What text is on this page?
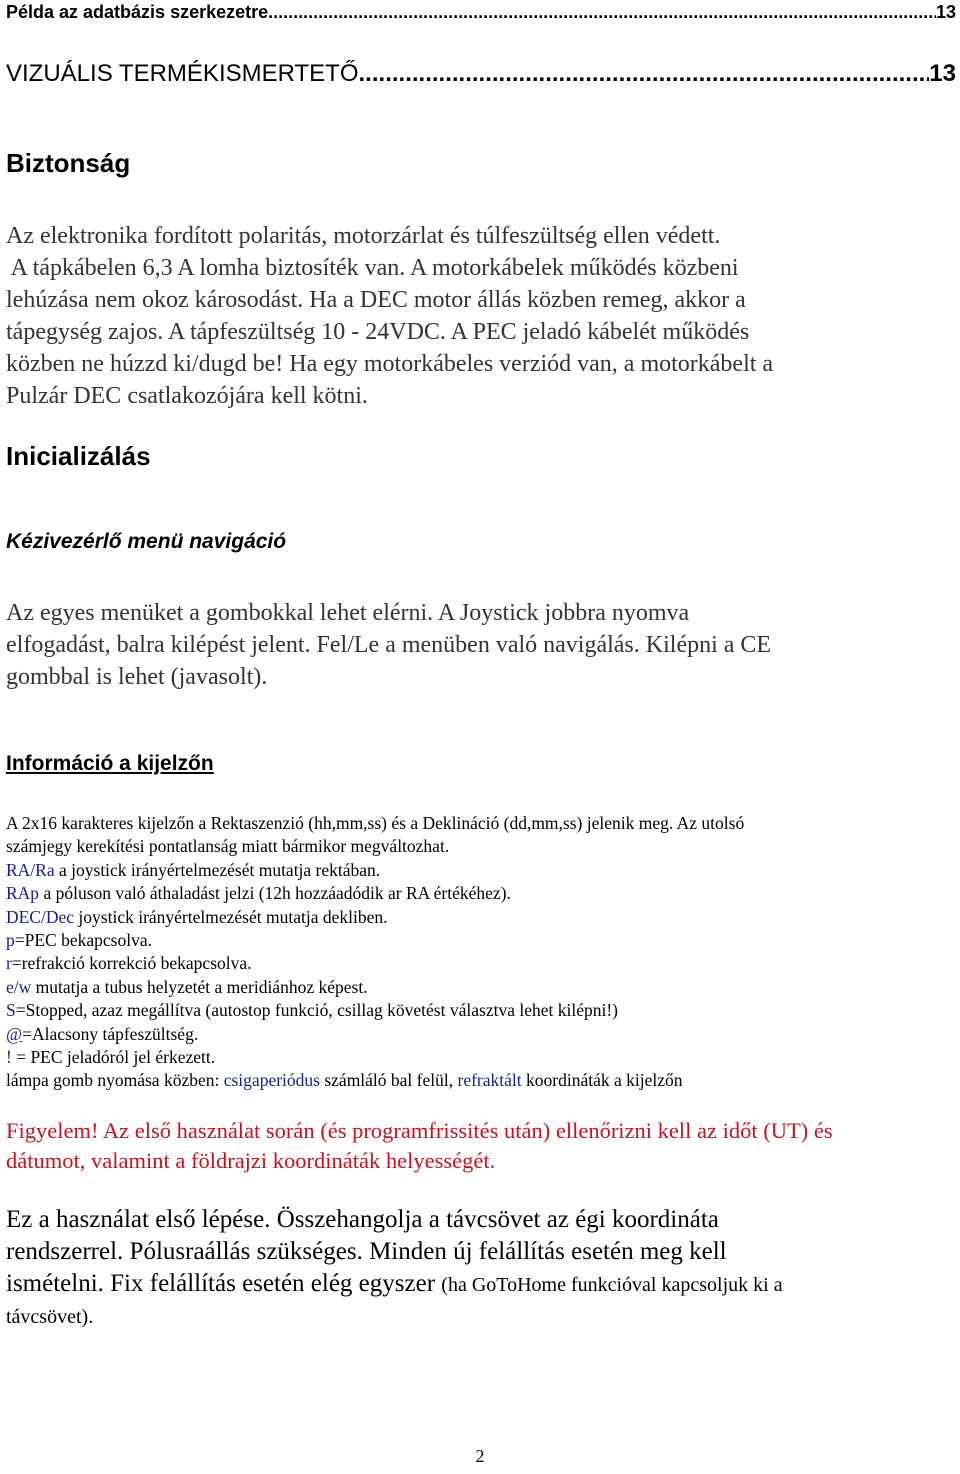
Példa az adatbázis szerkezetre .....	13
VIZUÁLIS TERMÉKISMERTETŐ .....	13
Biztonság
Az elektronika fordított polaritás, motorzárlat és túlfeszültség ellen védett.
A tápkábelen 6,3 A lomha biztosíték van. A motorkábelek működés közbeni
lehúzása nem okoz károsodást. Ha a DEC motor állás közben remeg, akkor a
tápegység zajos. A tápfeszültség 10 - 24VDC. A PEC jeladó kábelét működés
közben ne húzzd ki/dugd be! Ha egy motorkábeles verziód van, a motorkábelt a
Pulzár DEC csatlakozójára kell kötni.
Inicializálás
Kézivezérlő menü navigáció
Az egyes menüket a gombokkal lehet elérni. A Joystick jobbra nyomva
elfogadást, balra kilépést jelent. Fel/Le a menüben való navigálás. Kilépni a CE
gombbal is lehet (javasolt).
Információ a kijelzőn
A 2x16 karakteres kijelzőn a Rektaszenzió (hh,mm,ss) és a Deklináció (dd,mm,ss) jelenik meg. Az utolsó
számjegy kerekítési pontatlanság miatt bármikor megváltozhat.
RA/Ra a joystick irányértelmezését mutatja rektában.
RAp a póluson való áthaladást jelzi (12h hozzáadódik ar RA értékéhez).
DEC/Dec joystick irányértelmezését mutatja dekliben.
p=PEC bekapcsolva.
r=refrakció korrekció bekapcsolva.
e/w mutatja a tubus helyzetét a meridiánhoz képest.
S=Stopped, azaz megállítva (autostop funkció, csillag követést választva lehet kilépni!)
@=Alacsony tápfeszültség.
! = PEC jeladóról jel érkezett.
lámpa gomb nyomása közben: csigaperiódus számláló bal felül, refraktált koordináták a kijelzőn
Figyelem! Az első használat során (és programfrissités után) ellenőrizni kell az időt (UT) és
dátumot, valamint a földrajzi koordináták helyességét.
Ez a használat első lépése. Összehangolja a távcsövet az égi koordináta
rendszerrel. Pólusraállás szükséges. Minden új felállítás esetén meg kell
ismételni. Fix felállítás esetén elég egyszer (ha GoToHome funkcióval kapcsoljuk ki a
távcsövet).
2
